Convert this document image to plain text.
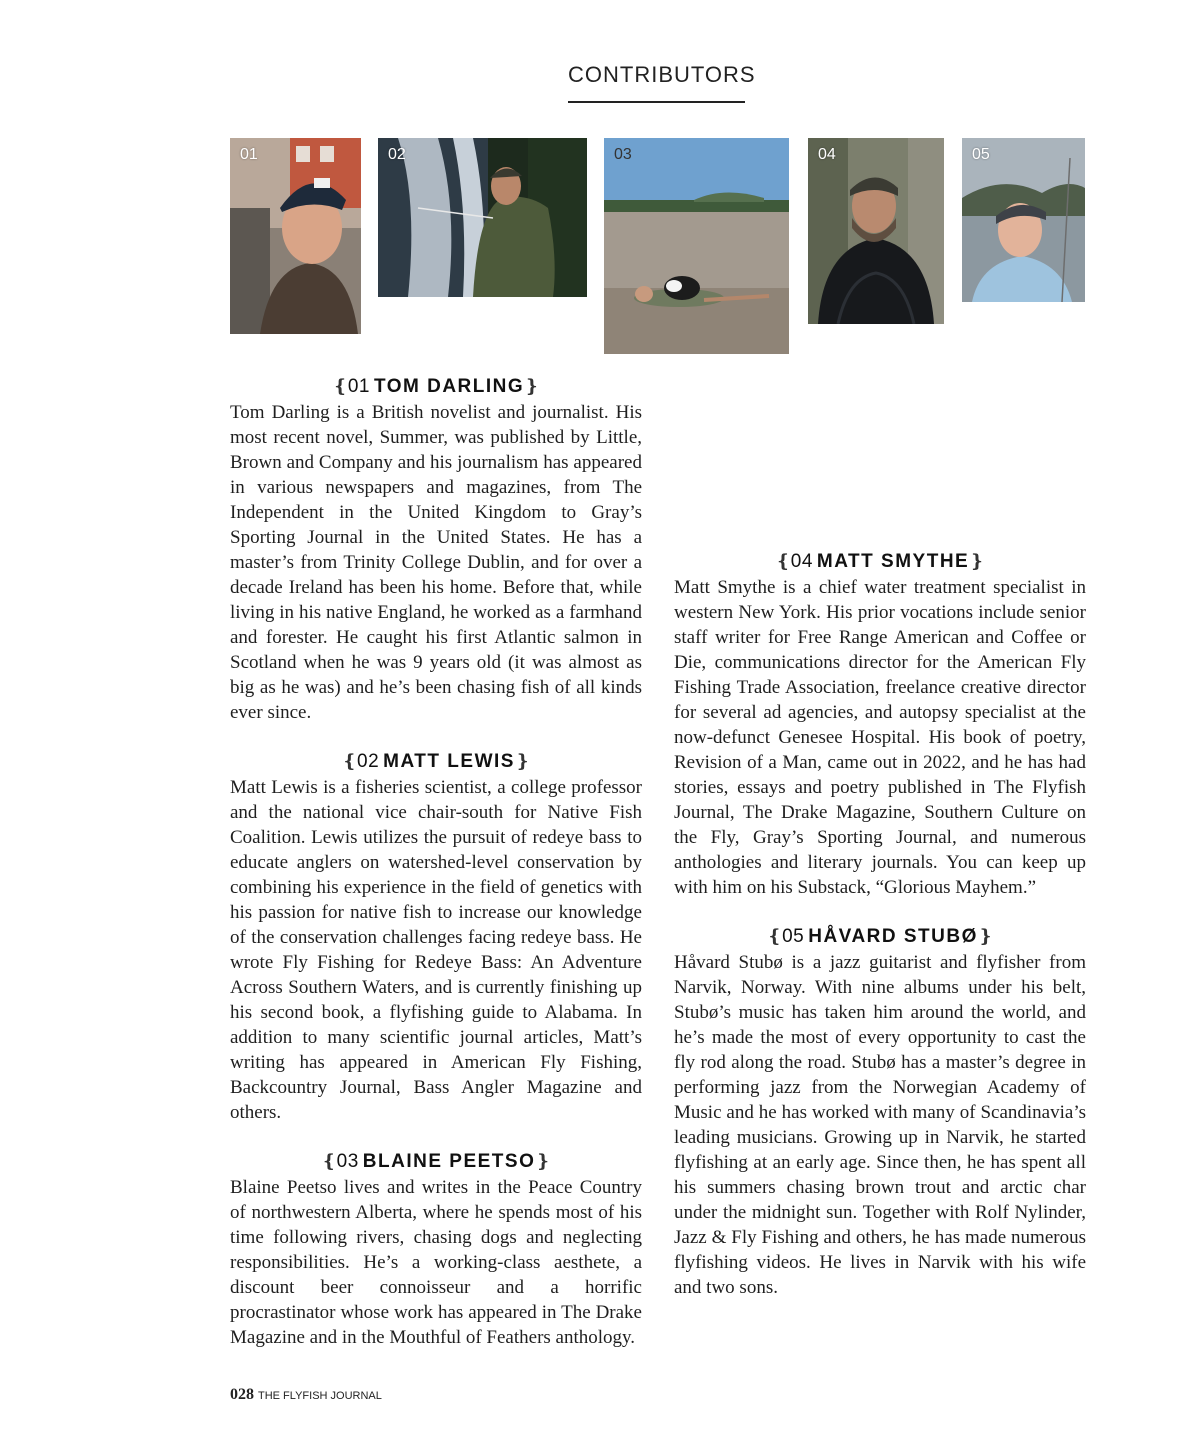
CONTRIBUTORS
01	02	03	04	05
❴01 TOM DARLING❵

Tom Darling is a British novelist and journalist. His most recent novel, Summer, was published by Little, Brown and Company and his journalism has appeared in various newspapers and magazines, from The Independent in the United Kingdom to Gray’s Sporting Journal in the United States. He has a master’s from Trinity College Dublin, and for over a decade Ireland has been his home. Before that, while living in his native England, he worked as a farmhand and forester. He caught his first Atlantic salmon in Scotland when he was 9 years old (it was almost as big as he was) and he’s been chasing fish of all kinds ever since.

❴02 MATT LEWIS❵

Matt Lewis is a fisheries scientist, a college professor and the national vice chair-south for Native Fish Coalition. Lewis utilizes the pursuit of redeye bass to educate anglers on watershed-level conservation by combining his experience in the field of genetics with his passion for native fish to increase our knowledge of the conservation challenges facing redeye bass. He wrote Fly Fishing for Redeye Bass: An Adventure Across Southern Waters, and is currently finishing up his second book, a flyfishing guide to Alabama. In addition to many scientific journal articles, Matt’s writing has appeared in American Fly Fishing, Backcountry Journal, Bass Angler Magazine and others.

❴03 BLAINE PEETSO❵

Blaine Peetso lives and writes in the Peace Country of northwestern Alberta, where he spends most of his time following rivers, chasing dogs and neglecting responsibilities. He’s a working-class aesthete, a discount beer connoisseur and a horrific procrastinator whose work has appeared in The Drake Magazine and in the Mouthful of Feathers anthology.

❴04 MATT SMYTHE❵

Matt Smythe is a chief water treatment specialist in western New York. His prior vocations include senior staff writer for Free Range American and Coffee or Die, communications director for the American Fly Fishing Trade Association, freelance creative director for several ad agencies, and autopsy specialist at the now-defunct Genesee Hospital. His book of poetry, Revision of a Man, came out in 2022, and he has had stories, essays and poetry published in The Flyfish Journal, The Drake Magazine, Southern Culture on the Fly, Gray’s Sporting Journal, and numerous anthologies and literary journals. You can keep up with him on his Substack, “Glorious Mayhem.”

❴05 HÅVARD STUBØ❵

Håvard Stubø is a jazz guitarist and flyfisher from Narvik, Norway. With nine albums under his belt, Stubø’s music has taken him around the world, and he’s made the most of every opportunity to cast the fly rod along the road. Stubø has a master’s degree in performing jazz from the Norwegian Academy of Music and he has worked with many of Scandinavia’s leading musicians. Growing up in Narvik, he started flyfishing at an early age. Since then, he has spent all his summers chasing brown trout and arctic char under the midnight sun. Together with Rolf Nylinder, Jazz & Fly Fishing and others, he has made numerous flyfishing videos. He lives in Narvik with his wife and two sons.

028 THE FLYFISH JOURNAL
